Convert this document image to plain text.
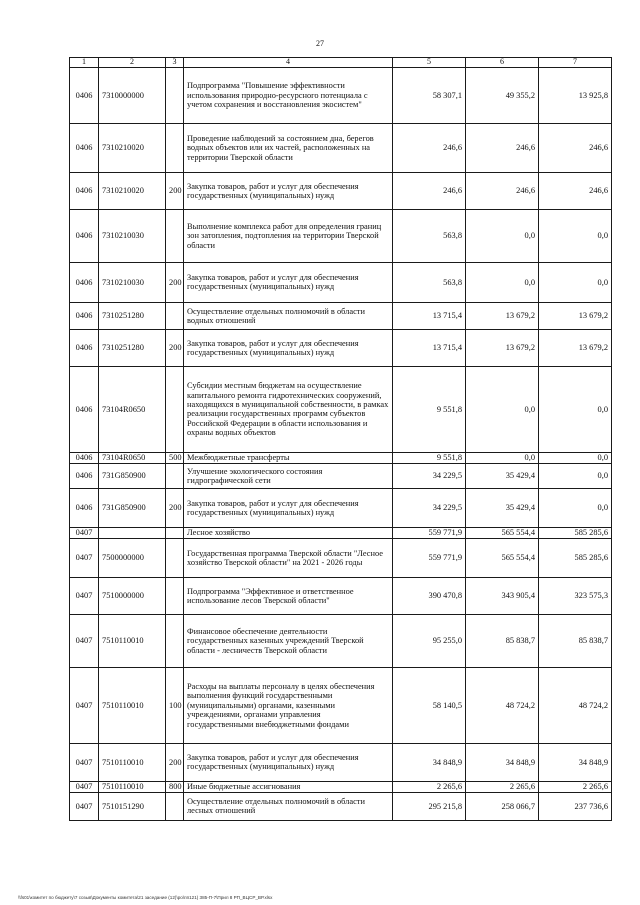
27
1	2	3	4	5	6	7
0406	7310000000		Подпрограмма "Повышение эффективности использования природно-ресурсного потенциала с учетом сохранения и восстановления экосистем"	58 307,1	49 355,2	13 925,8
0406	7310210020		Проведение наблюдений за состоянием дна, берегов водных объектов или их частей, расположенных на территории Тверской области	246,6	246,6	246,6
0406	7310210020	200	Закупка товаров, работ и услуг для обеспечения государственных (муниципальных) нужд	246,6	246,6	246,6
0406	7310210030		Выполнение комплекса работ для определения границ зон затопления, подтопления на территории Тверской области	563,8	0,0	0,0
0406	7310210030	200	Закупка товаров, работ и услуг для обеспечения государственных (муниципальных) нужд	563,8	0,0	0,0
0406	7310251280		Осуществление отдельных полномочий в области водных отношений	13 715,4	13 679,2	13 679,2
0406	7310251280	200	Закупка товаров, работ и услуг для обеспечения государственных (муниципальных) нужд	13 715,4	13 679,2	13 679,2
0406	73104R0650		Субсидии местным бюджетам на осуществление капитального ремонта гидротехнических сооружений, находящихся в муниципальной собственности, в рамках реализации государственных программ субъектов Российской Федерации в области использования и охраны водных объектов	9 551,8	0,0	0,0
0406	73104R0650	500	Межбюджетные трансферты	9 551,8	0,0	0,0
0406	731G850900		Улучшение экологического состояния гидрографической сети	34 229,5	35 429,4	0,0
0406	731G850900	200	Закупка товаров, работ и услуг для обеспечения государственных (муниципальных) нужд	34 229,5	35 429,4	0,0
0407			Лесное хозяйство	559 771,9	565 554,4	585 285,6
0407	7500000000		Государственная программа Тверской области "Лесное хозяйство Тверской области" на 2021 - 2026 годы	559 771,9	565 554,4	585 285,6
0407	7510000000		Подпрограмма "Эффективное и ответственное использование лесов Тверской области"	390 470,8	343 905,4	323 575,3
0407	7510110010		Финансовое обеспечение деятельности государственных казенных учреждений Тверской области - лесничеств Тверской области	95 255,0	85 838,7	85 838,7
0407	7510110010	100	Расходы на выплаты персоналу в целях обеспечения выполнения функций государственными (муниципальными) органами, казенными учреждениями, органами управления государственными внебюджетными фондами	58 140,5	48 724,2	48 724,2
0407	7510110010	200	Закупка товаров, работ и услуг для обеспечения государственных (муниципальных) нужд	34 848,9	34 848,9	34 848,9
0407	7510110010	800	Иные бюджетные ассигнования	2 265,6	2 265,6	2 265,6
0407	7510151290		Осуществление отдельных полномочий в области лесных отношений	295 215,8	258 066,7	237 736,6
\\fs01\комитет по бюджету\7 созыв\Документы комитета\21 заседание (12)\ро\пп121) 385-П-7\Прил 8 РП_ВЦСР_ВР.xlsx
